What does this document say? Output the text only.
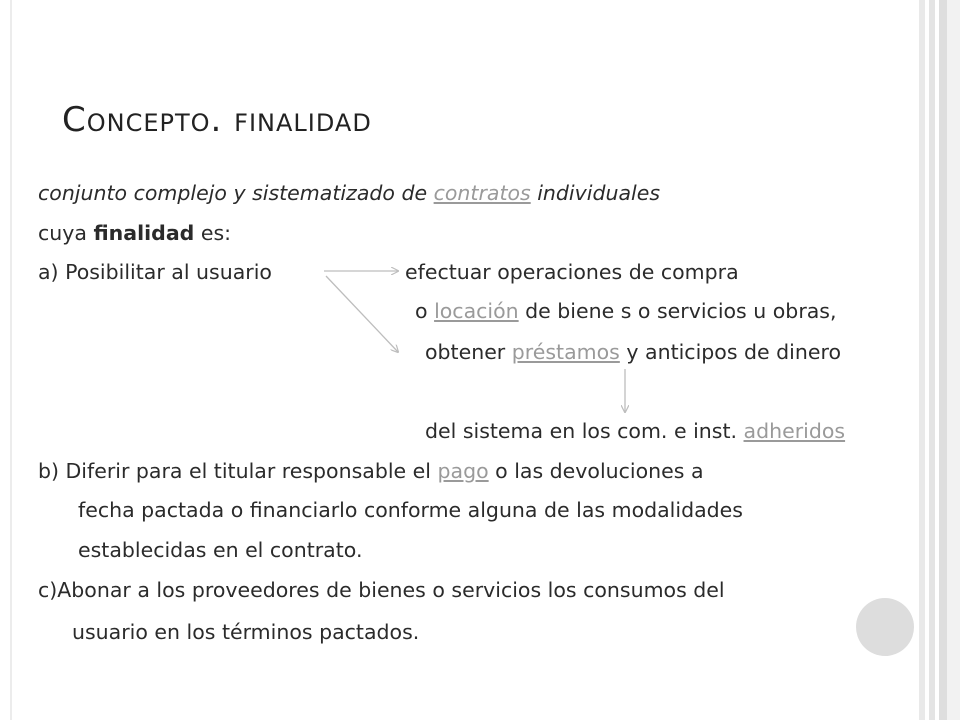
Concepto. finalidad
conjunto complejo y sistematizado de contratos individuales
cuya finalidad es:
a) Posibilitar al usuario	efectuar operaciones de compra
o locación de biene s o servicios u obras,
obtener préstamos y anticipos de dinero
del sistema en los com. e inst. adheridos
b) Diferir para el titular responsable el pago o las devoluciones a
fecha pactada o financiarlo conforme alguna de las modalidades
establecidas en el contrato.
c)Abonar a los proveedores de bienes o servicios los consumos del
usuario en los términos pactados.
